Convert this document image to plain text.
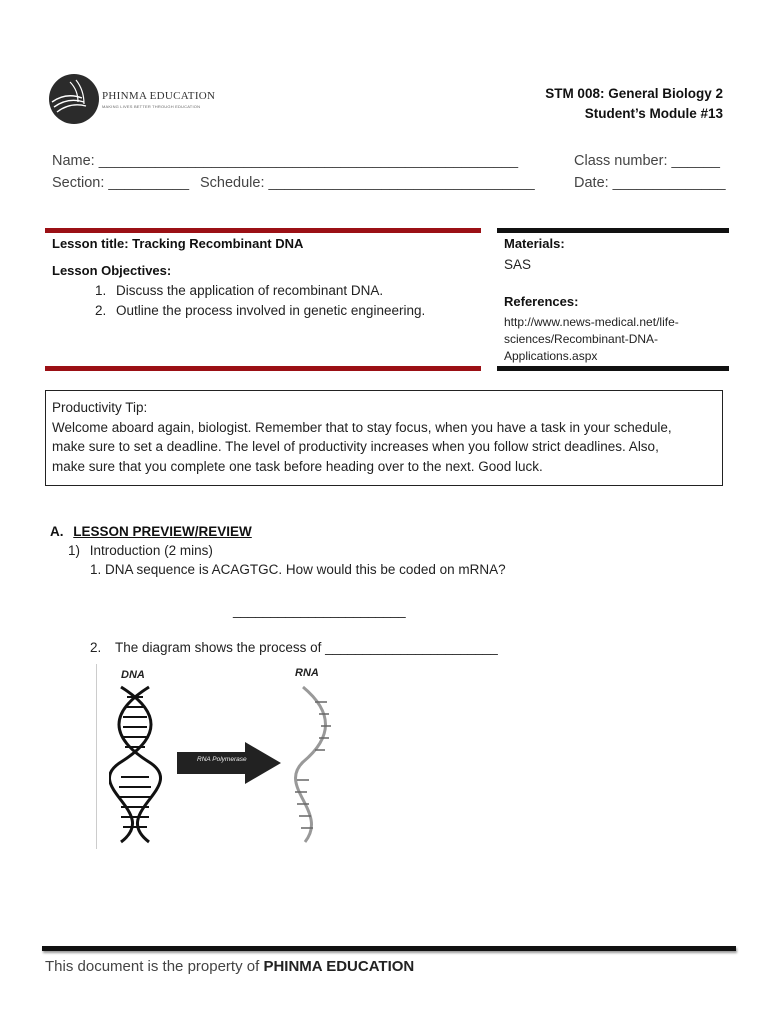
PHINMA EDUCATION
MAKING LIVES BETTER THROUGH EDUCATION
STM 008: General Biology 2
Student’s Module #13
Name: ____________________________________________________	Class number: ______
Section: __________ Schedule: _________________________________	Date: ______________
Lesson title: Tracking Recombinant DNA
Lesson Objectives:
1. Discuss the application of recombinant DNA.
2. Outline the process involved in genetic engineering.
Materials:
SAS
References:
http://www.news-medical.net/life-
sciences/Recombinant-DNA-
Applications.aspx
Productivity Tip:
Welcome aboard again, biologist. Remember that to stay focus, when you have a task in your schedule,
make sure to set a deadline. The level of productivity increases when you follow strict deadlines. Also,
make sure that you complete one task before heading over to the next. Good luck.
A. LESSON PREVIEW/REVIEW
1) Introduction (2 mins)
1. DNA sequence is ACAGTGC. How would this be coded on mRNA?
_______________________
2. The diagram shows the process of _______________________
DNA	RNA
RNA Polymerase
This document is the property of PHINMA EDUCATION
